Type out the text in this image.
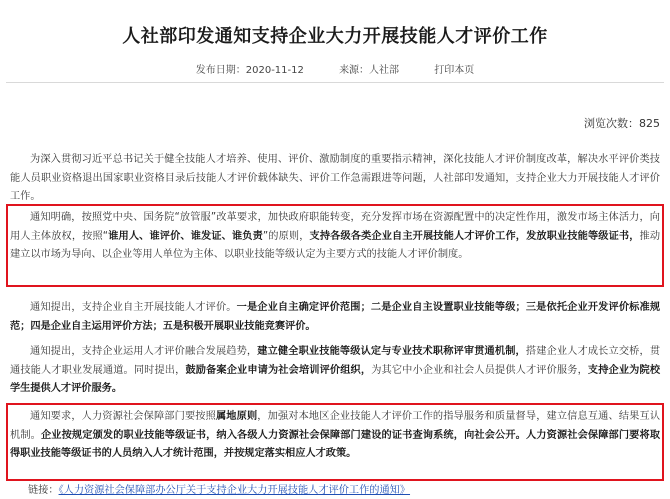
人社部印发通知支持企业大力开展技能人才评价工作
发布日期：2020-11-12	来源：人社部	打印本页
浏览次数：825

为深入贯彻习近平总书记关于健全技能人才培养、使用、评价、激励制度的重要指示精神，深化技能人才评价制度改革，解决水平评价类技能人员职业资格退出国家职业资格目录后技能人才评价载体缺失、评价工作急需跟进等问题，人社部印发通知，支持企业大力开展技能人才评价工作。

通知明确，按照党中央、国务院“放管服”改革要求，加快政府职能转变，充分发挥市场在资源配置中的决定性作用，激发市场主体活力，向用人主体放权，按照“谁用人、谁评价、谁发证、谁负责”的原则，支持各级各类企业自主开展技能人才评价工作，发放职业技能等级证书，推动建立以市场为导向、以企业等用人单位为主体、以职业技能等级认定为主要方式的技能人才评价制度。

通知提出，支持企业自主开展技能人才评价。一是企业自主确定评价范围；二是企业自主设置职业技能等级；三是依托企业开发评价标准规范；四是企业自主运用评价方法；五是积极开展职业技能竞赛评价。

通知提出，支持企业运用人才评价融合发展趋势，建立健全职业技能等级认定与专业技术职称评审贯通机制，搭建企业人才成长立交桥，贯通技能人才职业发展通道。同时提出，鼓励备案企业申请为社会培训评价组织，为其它中小企业和社会人员提供人才评价服务，支持企业为院校学生提供人才评价服务。

通知要求，人力资源社会保障部门要按照属地原则，加强对本地区企业技能人才评价工作的指导服务和质量督导，建立信息互通、结果互认机制。企业按规定颁发的职业技能等级证书，纳入各级人力资源社会保障部门建设的证书查询系统，向社会公开。人力资源社会保障部门要将取得职业技能等级证书的人员纳入人才统计范围，并按规定落实相应人才政策。

链接：《人力资源社会保障部办公厅关于支持企业大力开展技能人才评价工作的通知》
